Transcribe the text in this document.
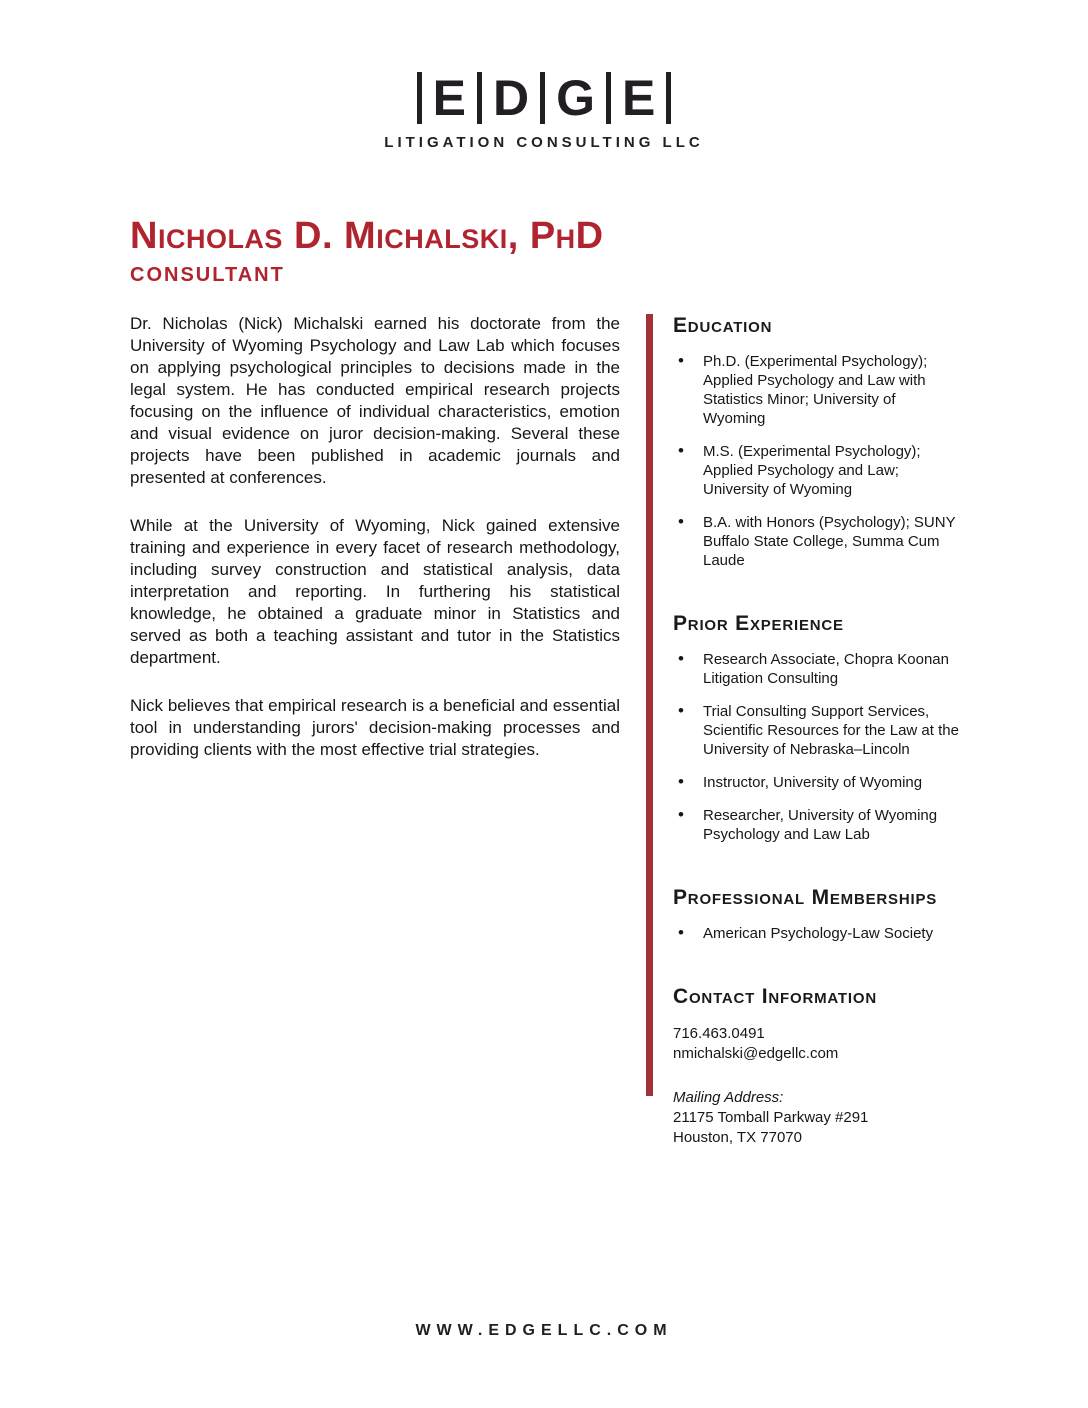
E D G E
LITIGATION CONSULTING LLC
Nicholas D. Michalski, PhD
CONSULTANT

Dr. Nicholas (Nick) Michalski earned his doctorate from the University of Wyoming Psychology and Law Lab which focuses on applying psychological principles to decisions made in the legal system. He has conducted empirical research projects focusing on the influence of individual characteristics, emotion and visual evidence on juror decision-making. Several these projects have been published in academic journals and presented at conferences.

While at the University of Wyoming, Nick gained extensive training and experience in every facet of research methodology, including survey construction and statistical analysis, data interpretation and reporting. In furthering his statistical knowledge, he obtained a graduate minor in Statistics and served as both a teaching assistant and tutor in the Statistics department.

Nick believes that empirical research is a beneficial and essential tool in understanding jurors' decision-making processes and providing clients with the most effective trial strategies.

Education
• Ph.D. (Experimental Psychology); Applied Psychology and Law with Statistics Minor; University of Wyoming
• M.S. (Experimental Psychology); Applied Psychology and Law; University of Wyoming
• B.A. with Honors (Psychology); SUNY Buffalo State College, Summa Cum Laude
Prior Experience
• Research Associate, Chopra Koonan Litigation Consulting
• Trial Consulting Support Services, Scientific Resources for the Law at the University of Nebraska–Lincoln
• Instructor, University of Wyoming
• Researcher, University of Wyoming Psychology and Law Lab
Professional Memberships
• American Psychology-Law Society
Contact Information
716.463.0491
nmichalski@edgellc.com
Mailing Address:
21175 Tomball Parkway #291
Houston, TX 77070
WWW.EDGELLC.COM
